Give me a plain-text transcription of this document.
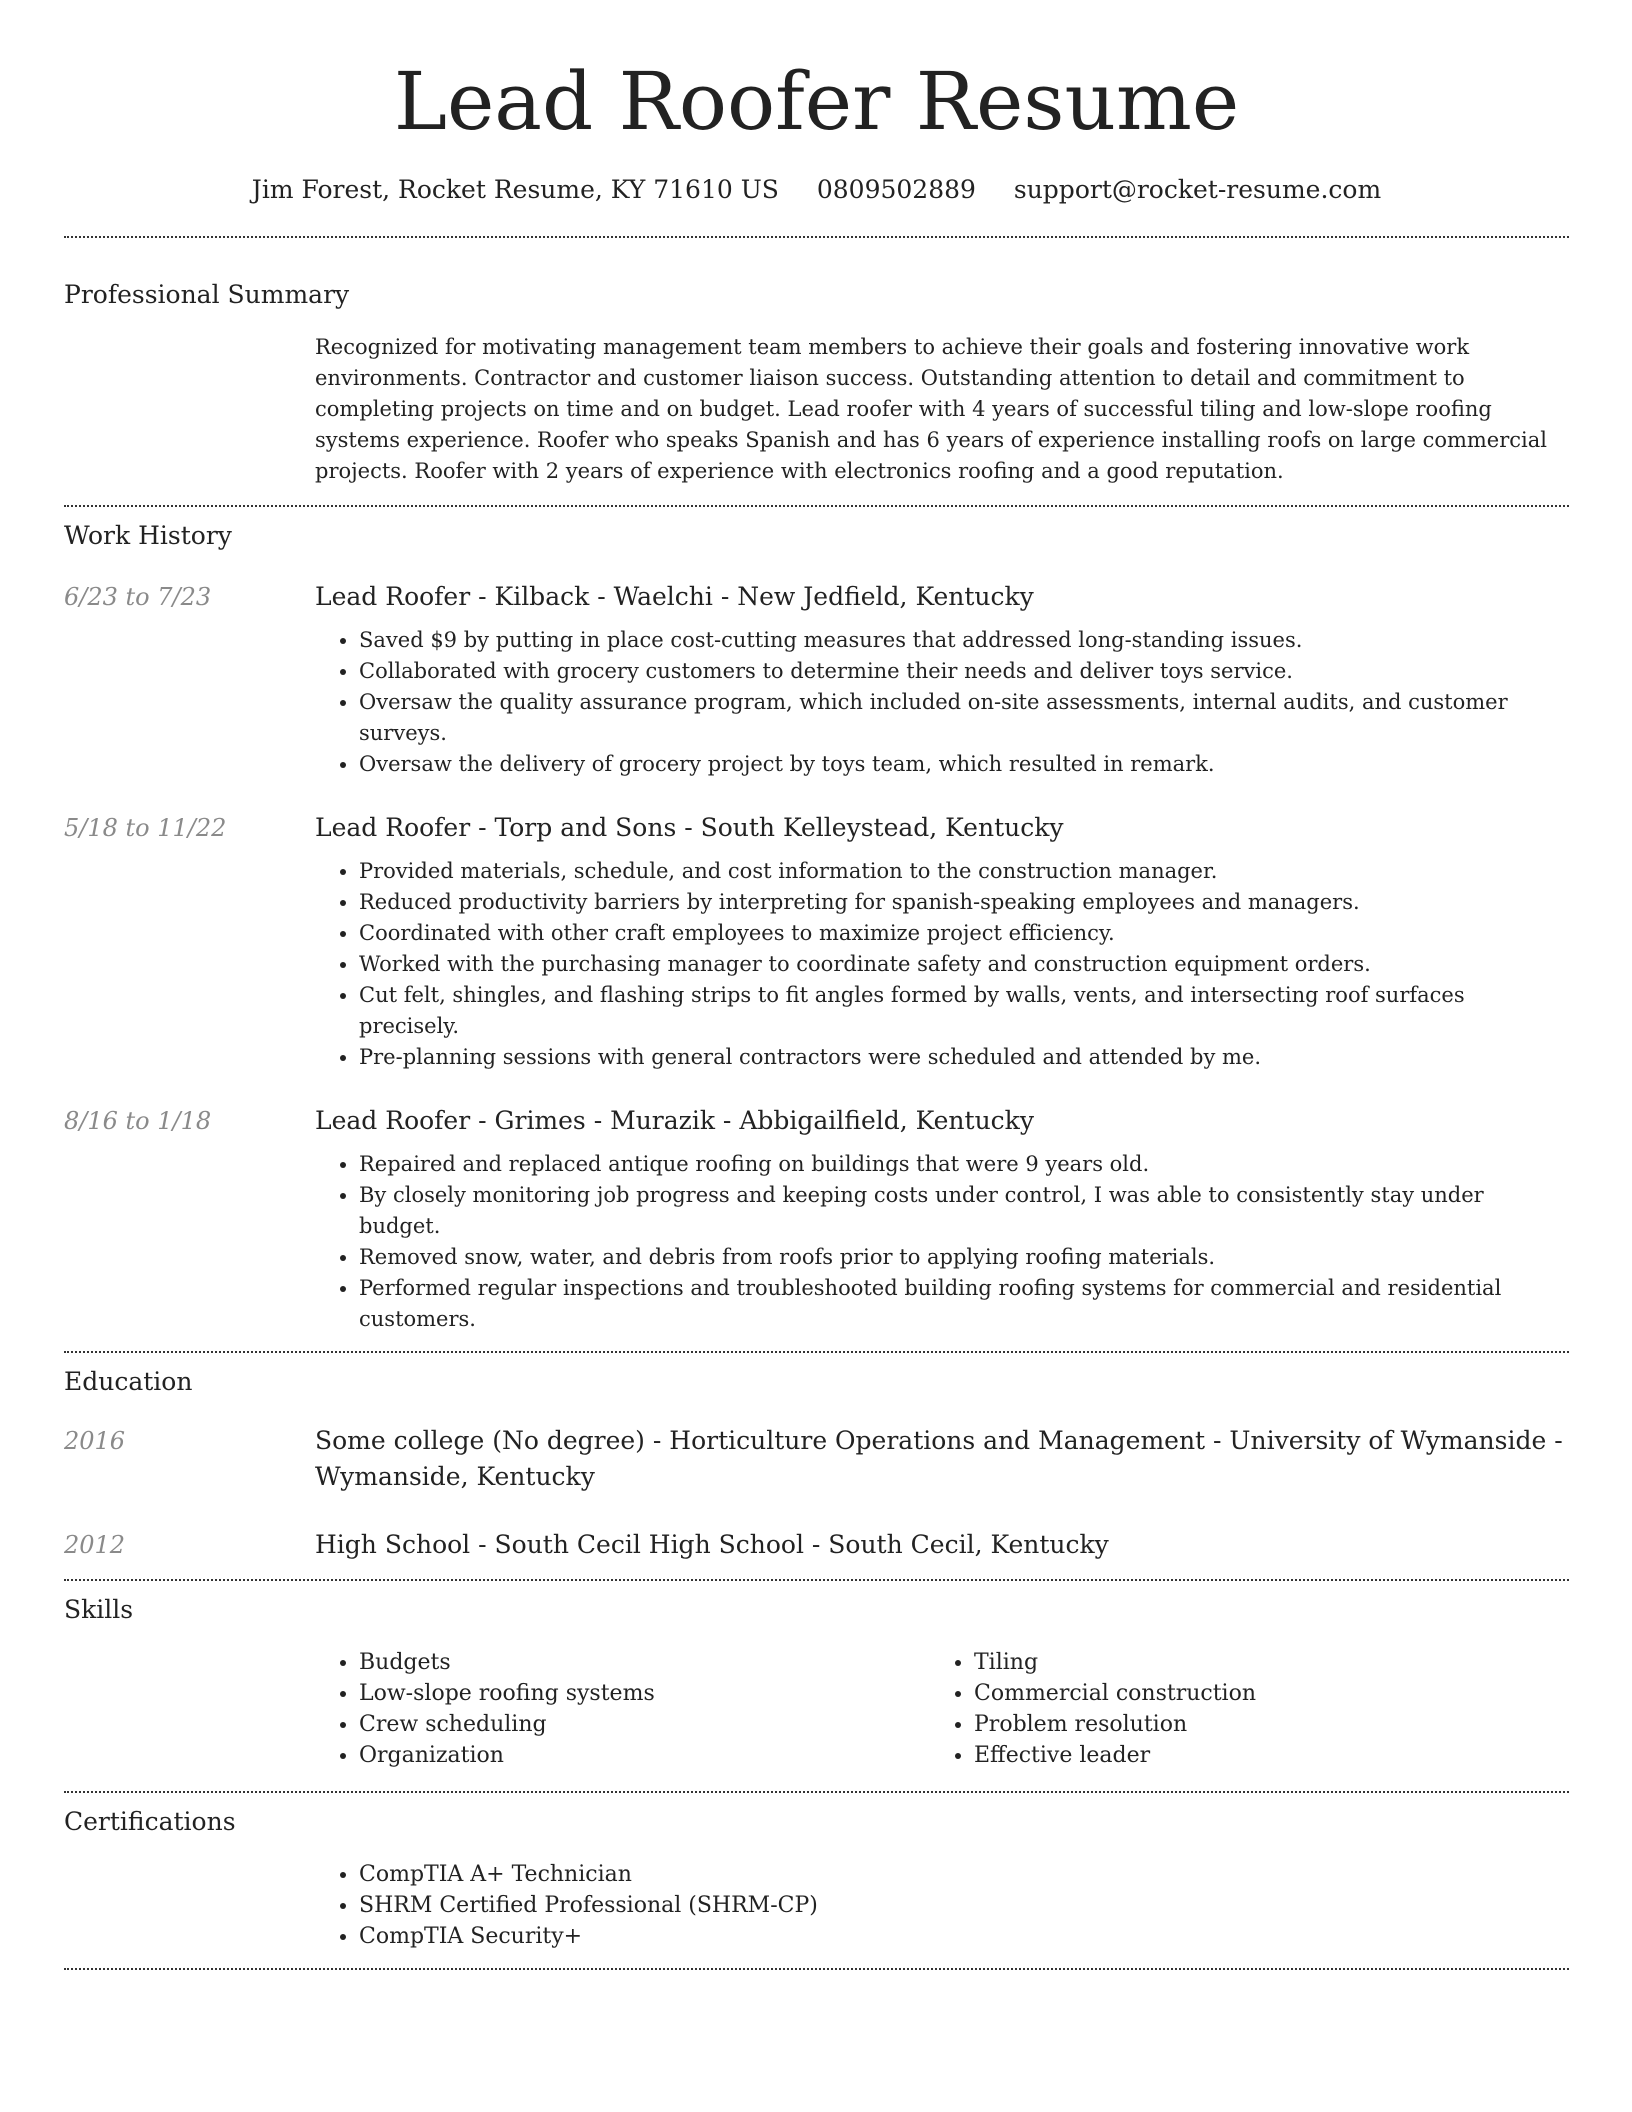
Lead Roofer Resume
Jim Forest, Rocket Resume, KY 71610 US 0809502889 support@rocket-resume.com
Professional Summary
Recognized for motivating management team members to achieve their goals and fostering innovative work environments. Contractor and customer liaison success. Outstanding attention to detail and commitment to completing projects on time and on budget. Lead roofer with 4 years of successful tiling and low-slope roofing systems experience. Roofer who speaks Spanish and has 6 years of experience installing roofs on large commercial projects. Roofer with 2 years of experience with electronics roofing and a good reputation.
Work History
6/23 to 7/23	Lead Roofer - Kilback - Waelchi - New Jedfield, Kentucky
• Saved $9 by putting in place cost-cutting measures that addressed long-standing issues.
• Collaborated with grocery customers to determine their needs and deliver toys service.
• Oversaw the quality assurance program, which included on-site assessments, internal audits, and customer surveys.
• Oversaw the delivery of grocery project by toys team, which resulted in remark.
5/18 to 11/22	Lead Roofer - Torp and Sons - South Kelleystead, Kentucky
• Provided materials, schedule, and cost information to the construction manager.
• Reduced productivity barriers by interpreting for spanish-speaking employees and managers.
• Coordinated with other craft employees to maximize project efficiency.
• Worked with the purchasing manager to coordinate safety and construction equipment orders.
• Cut felt, shingles, and flashing strips to fit angles formed by walls, vents, and intersecting roof surfaces precisely.
• Pre-planning sessions with general contractors were scheduled and attended by me.
8/16 to 1/18	Lead Roofer - Grimes - Murazik - Abbigailfield, Kentucky
• Repaired and replaced antique roofing on buildings that were 9 years old.
• By closely monitoring job progress and keeping costs under control, I was able to consistently stay under budget.
• Removed snow, water, and debris from roofs prior to applying roofing materials.
• Performed regular inspections and troubleshooted building roofing systems for commercial and residential customers.
Education
2016	Some college (No degree) - Horticulture Operations and Management - University of Wymanside - Wymanside, Kentucky
2012	High School - South Cecil High School - South Cecil, Kentucky
Skills
• Budgets
• Low-slope roofing systems
• Crew scheduling
• Organization
• Tiling
• Commercial construction
• Problem resolution
• Effective leader
Certifications
• CompTIA A+ Technician
• SHRM Certified Professional (SHRM-CP)
• CompTIA Security+
